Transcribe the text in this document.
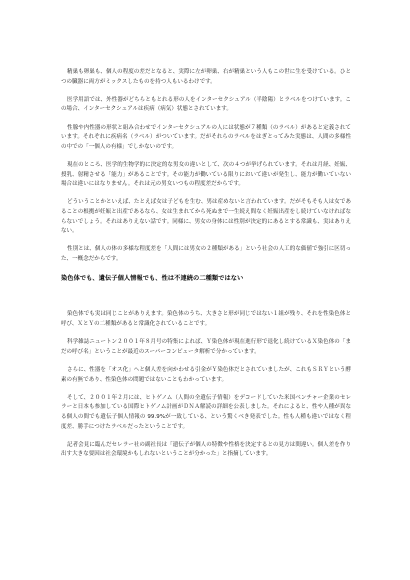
精巣も卵巣も、個人の程度の差だとなると、実際に左が卵巣、右が精巣という人もこの世に生を受けている。ひとつの臓器に両方がミックスしたものを持つ人もいるわけです。

医学用語では、外性器がどちらともとれる形の人をインターセクシュアル（半陰陽）とラベルをつけています。この場合、インターセクシュアルは疾病（病気）状態とされています。

性腺や内性器の形状と組み合わせでインターセクシュアルの人には状態が７種類（のラベル）があると定義されています。それぞれに疾病名（ラベル）がついています。だがそれらのラベルをはぎとってみた実態は、人間の多様性の中での「一個人の有様」でしかないのです。

現在のところ、医学的生物学的に決定的な男女の違いとして、次の４つが挙げられています。それは月経、妊娠、授乳、射精させる「能力」があることです。その能力が働いている限りにおいて違いが発生し、能力が働いていない場合は違いにはなりません。それは元の男女いつもの程度差だからです。

どういうことかといえば、たとえば女は子どもを生む、男は産めないと言われています。だがそもそも人は女であることの根拠が妊娠と出産であるなら、女は生まれてから死ぬまで一生続え間なく妊娠出産をし続けていなければならないでしょう。それはありえない話です。同様に、男女の身体には性別が決定的にあるとする常識も、実はありえない。

性別とは、個人の体の多様な程度差を「人間には男女の２種類がある」という社会の人工的な価値で強引に区切った、一概念だからです。

染色体でも、遺伝子個人情報でも、性は不連続の二種類ではない

染色体でも実は同じことがありえます。染色体のうち、大きさと形が同じではない１組が残り、それを性染色体と呼び、ＸとＹの二種類があると常識化されていることです。

科学雑誌ニュートン２００１年８月号の特集によれば、Ｙ染色体が現在進行形で退化し続けているＸ染色体の「まだの呼び名」ということが最近のスーパーコンピュータ解析で分かっています。

さらに、性器を「オス化」へと個人差を向かわせる引金がＹ染色体だとされていましたが、これもＳＲＹという酵素の有無であり、性染色体の問題ではないこともわかっています。

そして、２００１年２月には、ヒトゲノム（人間の全遺伝子情報）をデコードしていた米国ベンチャー企業のセレラーと日本も参加している国際ヒトゲノム計画がＤＮＡ解読の詳細を公表しました。それによると、性や人種が異なる個人の間でも遺伝子個人情報の 99.9%が一致している、という驚くべき発表でした。性も人種も違いではなく程度差、勝手につけたラベルだったということです。

記者会見に臨んだセレラー社の副社長は「遺伝子が個人の特徴や性格を決定するとの見方は間違い。個人差を作り出す大きな要因は社会環境かもしれないということが分かった」と指摘しています。
